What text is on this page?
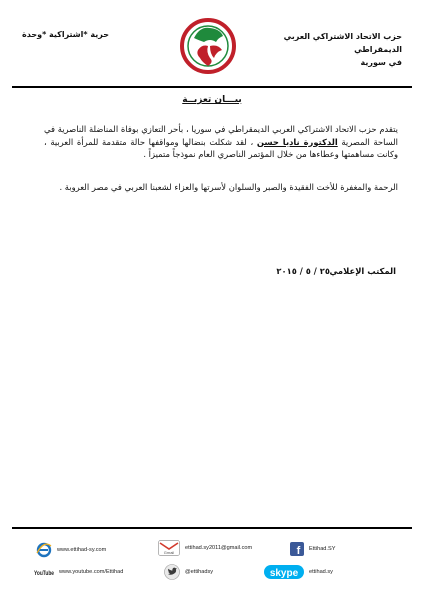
حزب الاتحاد الاشتراكي العربي الديمقراطي
في سورية
حرية *اشتراكية *وحدة
بيـــان تعزيــة
يتقدم حزب الاتحاد الاشتراكي العربي الديمقراطي في سوريا ، بأحر التعازي بوفاة المناضلة الناصرية في الساحة المصرية الدكتورة ناديا حسن ، لقد شكلت بنضالها ومواقفها حالة متقدمة للمرأة العربية ، وكانت مساهمتها وعطاءها من خلال المؤتمر الناصري العام نموذجاً متميزاً .
الرحمة والمغفرة للأخت الفقيدة والصبر والسلوان لأسرتها والعزاء لشعبنا العربي في مصر العروبة .
المكتب الإعلامي
٢٥ / ٥ / ٢٠١٥
www.ettihad-sy.com	Gmail
ettihad.sy2011@gmail.com	f Ettihad.SY
YouTube www.youtube.com/Ettihad	@ettihadsy	skype ettihad.sy
